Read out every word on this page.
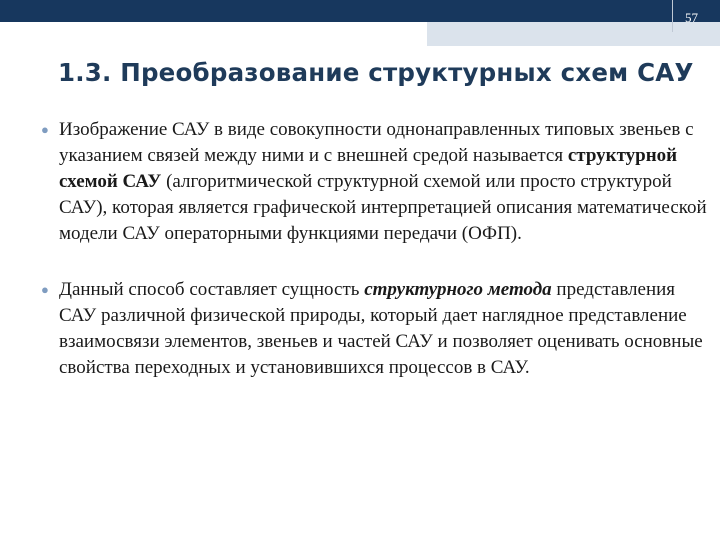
57
1.3. Преобразование структурных схем САУ
● Изображение САУ в виде совокупности однонаправленных типовых звеньев с указанием связей между ними и с внешней средой называется структурной схемой САУ (алгоритмической структурной схемой или просто структурой САУ), которая является графической интерпретацией описания математической модели САУ операторными функциями передачи (ОФП).
● Данный способ составляет сущность структурного метода представления САУ различной физической природы, который дает наглядное представление взаимосвязи элементов, звеньев и частей САУ и позволяет оценивать основные свойства переходных и установившихся процессов в САУ.
